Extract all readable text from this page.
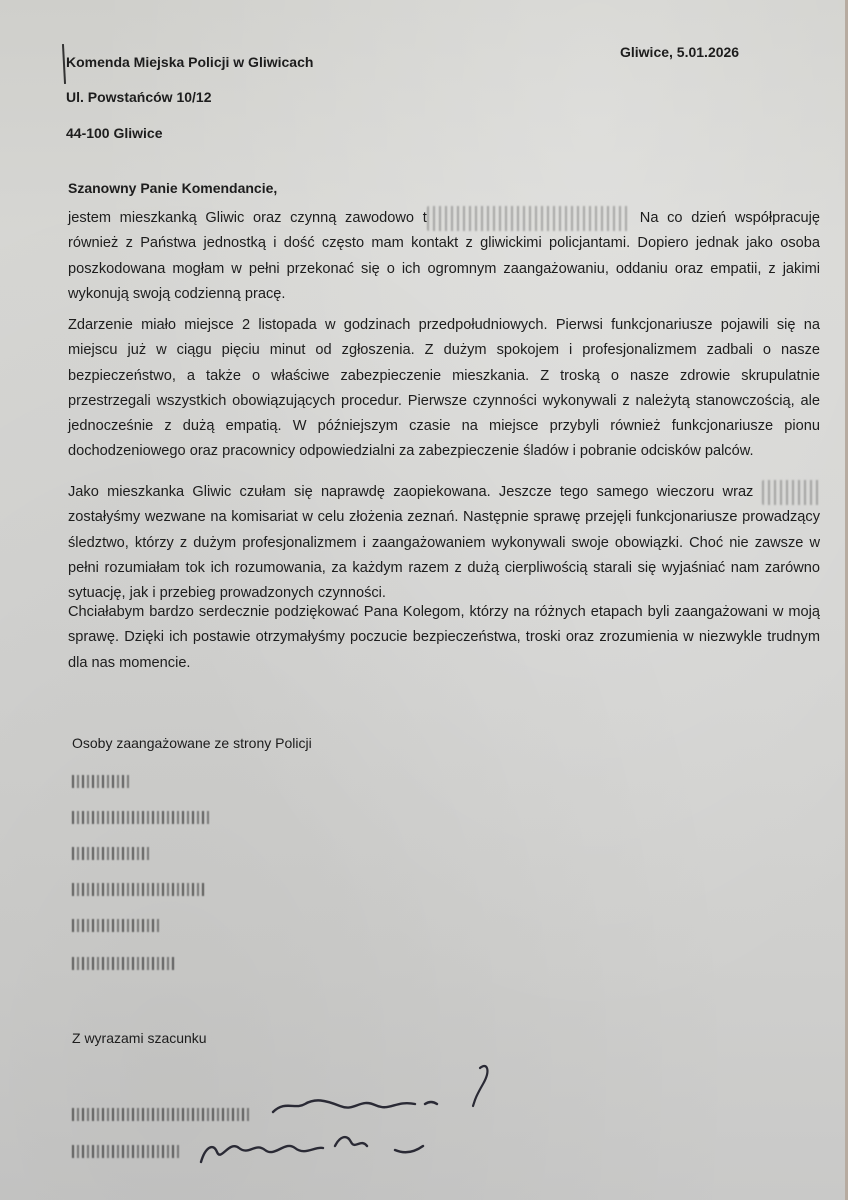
Komenda Miejska Policji w Gliwicach
Ul. Powstańców 10/12
44-100 Gliwice
Gliwice, 5.01.2026
Szanowny Panie Komendancie,

jestem mieszkanką Gliwic oraz czynną zawodowo t	Na co dzień współpracuję również z Państwa jednostką i dość często mam kontakt z gliwickimi policjantami. Dopiero jednak jako osoba poszkodowana mogłam w pełni przekonać się o ich ogromnym zaangażowaniu, oddaniu oraz empatii, z jakimi wykonują swoją codzienną pracę.

Zdarzenie miało miejsce 2 listopada w godzinach przedpołudniowych. Pierwsi funkcjonariusze pojawili się na miejscu już w ciągu pięciu minut od zgłoszenia. Z dużym spokojem i profesjonalizmem zadbali o nasze bezpieczeństwo, a także o właściwe zabezpieczenie mieszkania. Z troską o nasze zdrowie skrupulatnie przestrzegali wszystkich obowiązujących procedur. Pierwsze czynności wykonywali z należytą stanowczością, ale jednocześnie z dużą empatią. W późniejszym czasie na miejsce przybyli również funkcjonariusze pionu dochodzeniowego oraz pracownicy odpowiedzialni za zabezpieczenie śladów i pobranie odcisków palców.

Jako mieszkanka Gliwic czułam się naprawdę zaopiekowana. Jeszcze tego samego wieczoru wraz  zostałyśmy wezwane na komisariat w celu złożenia zeznań. Następnie sprawę przejęli funkcjonariusze prowadzący śledztwo, którzy z dużym profesjonalizmem i zaangażowaniem wykonywali swoje obowiązki. Choć nie zawsze w pełni rozumiałam tok ich rozumowania, za każdym razem z dużą cierpliwością starali się wyjaśniać nam zarówno sytuację, jak i przebieg prowadzonych czynności.

Chciałabym bardzo serdecznie podziękować Pana Kolegom, którzy na różnych etapach byli zaangażowani w moją sprawę. Dzięki ich postawie otrzymałyśmy poczucie bezpieczeństwa, troski oraz zrozumienia w niezwykle trudnym dla nas momencie.

Osoby zaangażowane ze strony Policji
Z wyrazami szacunku
